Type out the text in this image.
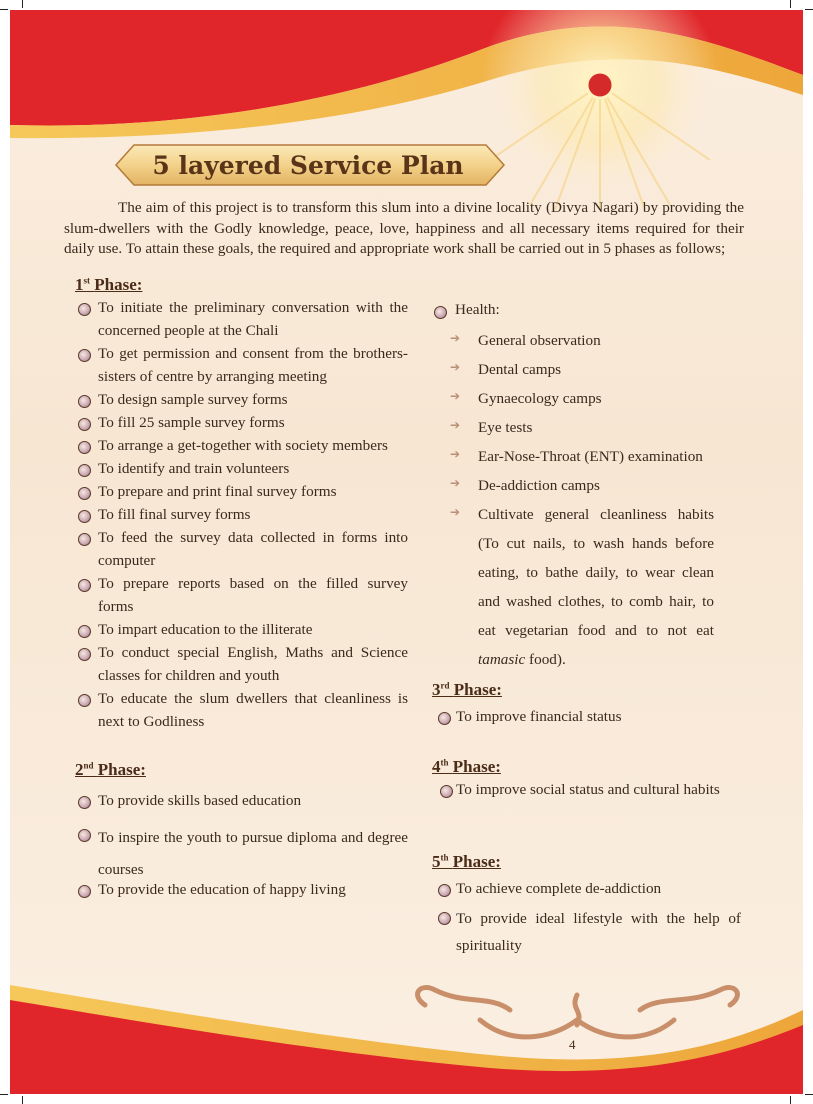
5 layered Service Plan
The aim of this project is to transform this slum into a divine locality (Divya Nagari) by providing the slum-dwellers with the Godly knowledge, peace, love, happiness and all necessary items required for their daily use. To attain these goals, the required and appropriate work shall be carried out in 5 phases as follows;
1st Phase:
To initiate the preliminary conversation with the concerned people at the Chali
To get permission and consent from the brothers-sisters of centre by arranging meeting
To design sample survey forms
To fill 25 sample survey forms
To arrange a get-together with society members
To identify and train volunteers
To prepare and print final survey forms
To fill final survey forms
To feed the survey data collected in forms into computer
To prepare reports based on the filled survey forms
To impart education to the illiterate
To conduct special English, Maths and Science classes for children and youth
To educate the slum dwellers that cleanliness is next to Godliness
2nd Phase:
To provide skills based education
To inspire the youth to pursue diploma and degree courses
To provide the education of happy living
Health:
➔ General observation
➔ Dental camps
➔ Gynaecology camps
➔ Eye tests
➔ Ear-Nose-Throat (ENT) examination
➔ De-addiction camps
➔ Cultivate general cleanliness habits (To cut nails, to wash hands before eating, to bathe daily, to wear clean and washed clothes, to comb hair, to eat vegetarian food and to not eat tamasic food).
3rd Phase:
To improve financial status
4th Phase:
To improve social status and cultural habits
5th Phase:
To achieve complete de-addiction
To provide ideal lifestyle with the help of spirituality
4
